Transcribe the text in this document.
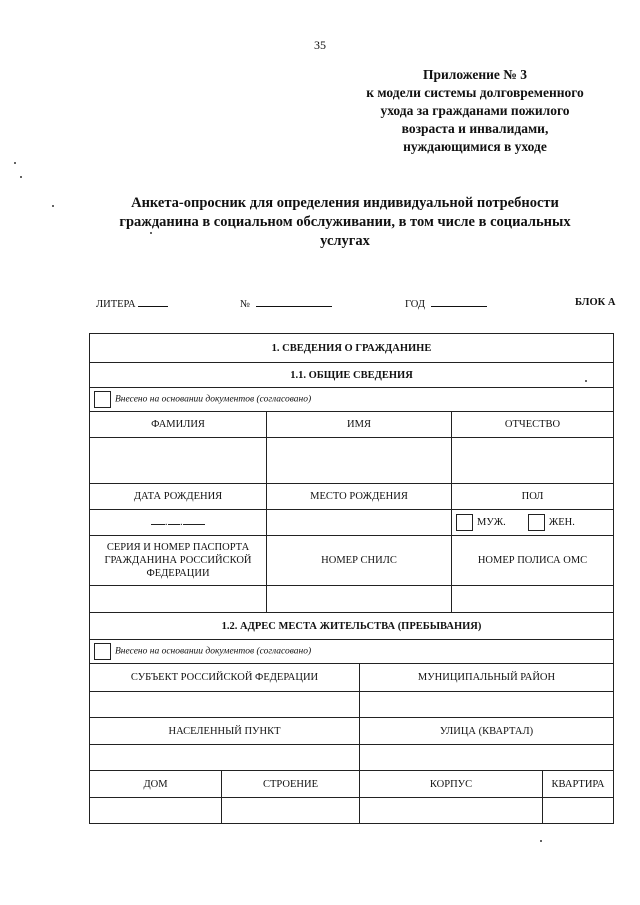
35
Приложение № 3
к модели системы долговременного
ухода за гражданами пожилого
возраста и инвалидами,
нуждающимися в уходе
Анкета-опросник для определения индивидуальной потребности
гражданина в социальном обслуживании, в том числе в социальных
услугах
ЛИТЕРА	№	ГОД	БЛОК А
1. СВЕДЕНИЯ О ГРАЖДАНИНЕ					
1.1. ОБЩИЕ СВЕДЕНИЯ					
Внесено на основании документов (согласовано)					
ФАМИЛИЯ		ИМЯ		ОТЧЕСТВО	

ДАТА РОЖДЕНИЯ		МЕСТО РОЖДЕНИЯ		ПОЛ	
. .				МУЖ. ЖЕН.	
СЕРИЯ И НОМЕР ПАСПОРТА ГРАЖДАНИНА РОССИЙСКОЙ ФЕДЕРАЦИИ		НОМЕР СНИЛС		НОМЕР ПОЛИСА ОМС	

1.2. АДРЕС МЕСТА ЖИТЕЛЬСТВА (ПРЕБЫВАНИЯ)					
Внесено на основании документов (согласовано)					
СУБЪЕКТ РОССИЙСКОЙ ФЕДЕРАЦИИ			МУНИЦИПАЛЬНЫЙ РАЙОН		

НАСЕЛЕННЫЙ ПУНКТ			УЛИЦА (КВАРТАЛ)		

ДОМ	СТРОЕНИЕ		КОРПУС		КВАРТИРА
